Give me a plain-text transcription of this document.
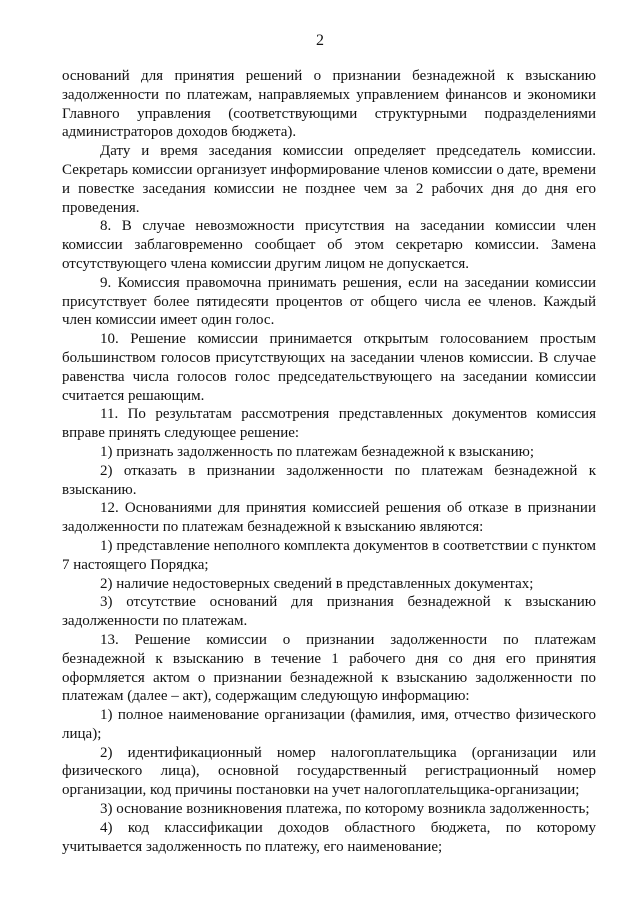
2

оснований для принятия решений о признании безнадежной к взысканию задолженности по платежам, направляемых управлением финансов и экономики Главного управления (соответствующими структурными подразделениями администраторов доходов бюджета).

Дату и время заседания комиссии определяет председатель комиссии. Секретарь комиссии организует информирование членов комиссии о дате, времени и повестке заседания комиссии не позднее чем за 2 рабочих дня до дня его проведения.

8. В случае невозможности присутствия на заседании комиссии член комиссии заблаговременно сообщает об этом секретарю комиссии. Замена отсутствующего члена комиссии другим лицом не допускается.

9. Комиссия правомочна принимать решения, если на заседании комиссии присутствует более пятидесяти процентов от общего числа ее членов. Каждый член комиссии имеет один голос.

10. Решение комиссии принимается открытым голосованием простым большинством голосов присутствующих на заседании членов комиссии. В случае равенства числа голосов голос председательствующего на заседании комиссии считается решающим.

11. По результатам рассмотрения представленных документов комиссия вправе принять следующее решение:

1) признать задолженность по платежам безнадежной к взысканию;

2) отказать в признании задолженности по платежам безнадежной к взысканию.

12. Основаниями для принятия комиссией решения об отказе в признании задолженности по платежам безнадежной к взысканию являются:

1) представление неполного комплекта документов в соответствии с пунктом 7 настоящего Порядка;

2) наличие недостоверных сведений в представленных документах;

3) отсутствие оснований для признания безнадежной к взысканию задолженности по платежам.

13. Решение комиссии о признании задолженности по платежам безнадежной к взысканию в течение 1 рабочего дня со дня его принятия оформляется актом о признании безнадежной к взысканию задолженности по платежам (далее – акт), содержащим следующую информацию:

1) полное наименование организации (фамилия, имя, отчество физического лица);

2) идентификационный номер налогоплательщика (организации или физического лица), основной государственный регистрационный номер организации, код причины постановки на учет налогоплательщика-организации;

3) основание возникновения платежа, по которому возникла задолженность;

4) код классификации доходов областного бюджета, по которому учитывается задолженность по платежу, его наименование;
